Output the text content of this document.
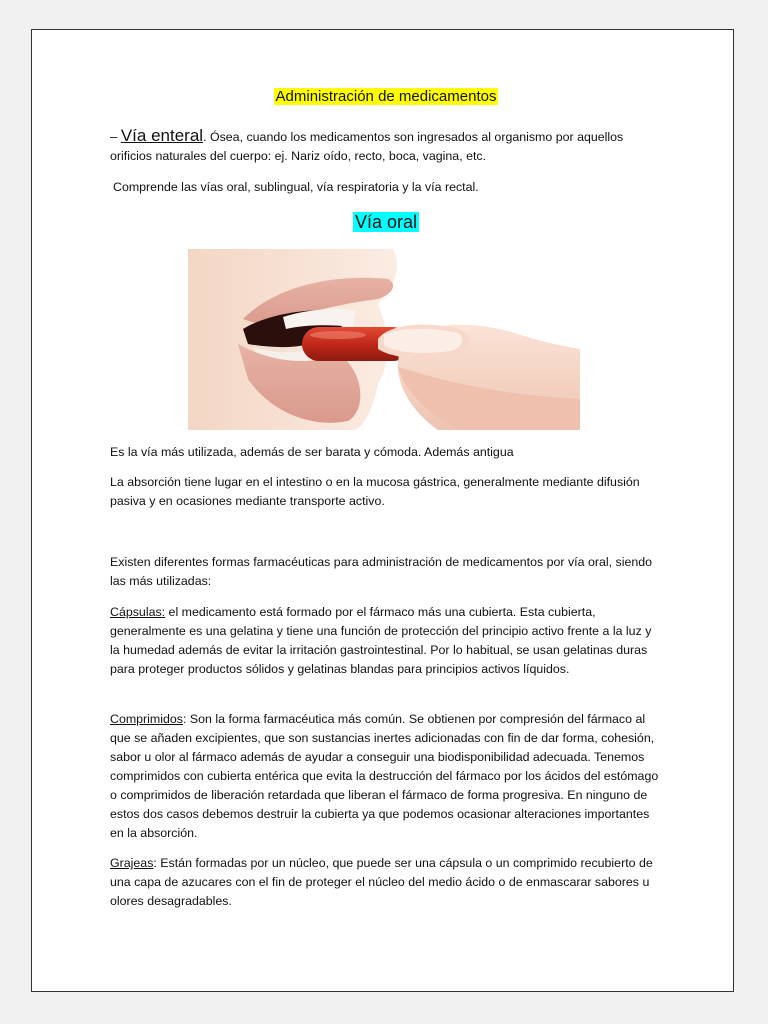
Administración de medicamentos

– Vía enteral. Ósea, cuando los medicamentos son ingresados al organismo por aquellos orificios naturales del cuerpo: ej. Nariz oído, recto, boca, vagina, etc.

Comprende las vías oral, sublingual, vía respiratoria y la vía rectal.

Vía oral

Es la vía más utilizada, además de ser barata y cómoda. Además antigua

La absorción tiene lugar en el intestino o en la mucosa gástrica, generalmente mediante difusión pasiva y en ocasiones mediante transporte activo.

Existen diferentes formas farmacéuticas para administración de medicamentos por vía oral, siendo las más utilizadas:

Cápsulas: el medicamento está formado por el fármaco más una cubierta. Esta cubierta, generalmente es una gelatina y tiene una función de protección del principio activo frente a la luz y la humedad además de evitar la irritación gastrointestinal. Por lo habitual, se usan gelatinas duras para proteger productos sólidos y gelatinas blandas para principios activos líquidos.

Comprimidos: Son la forma farmacéutica más común. Se obtienen por compresión del fármaco al que se añaden excipientes, que son sustancias inertes adicionadas con fin de dar forma, cohesión, sabor u olor al fármaco además de ayudar a conseguir una biodisponibilidad adecuada. Tenemos comprimidos con cubierta entérica que evita la destrucción del fármaco por los ácidos del estómago o comprimidos de liberación retardada que liberan el fármaco de forma progresiva. En ninguno de estos dos casos debemos destruir la cubierta ya que podemos ocasionar alteraciones importantes en la absorción.

Grajeas: Están formadas por un núcleo, que puede ser una cápsula o un comprimido recubierto de una capa de azucares con el fin de proteger el núcleo del medio ácido o de enmascarar sabores u olores desagradables.
